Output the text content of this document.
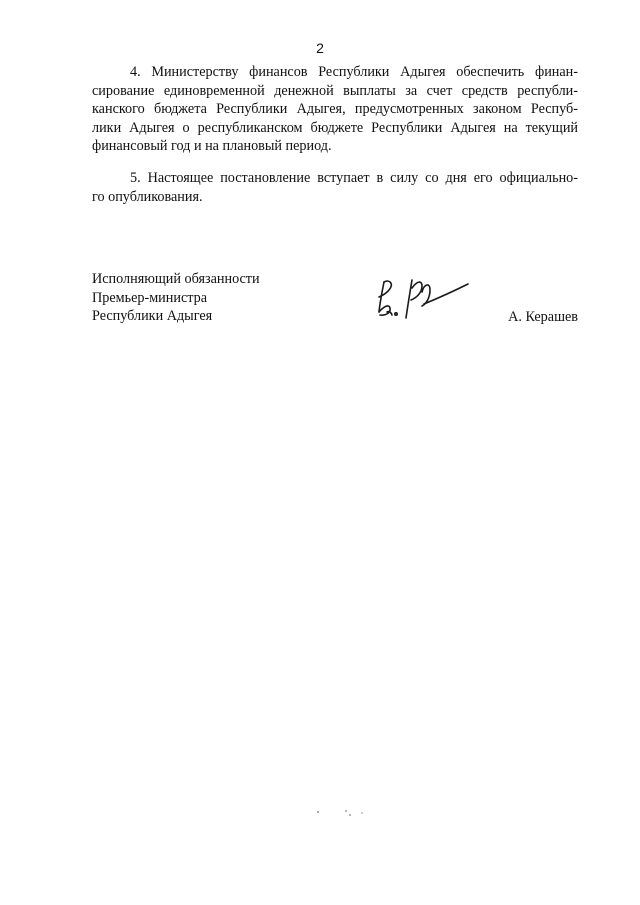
2
4. Министерству финансов Республики Адыгея обеспечить финан-
сирование единовременной денежной выплаты за счет средств республи-
канского бюджета Республики Адыгея, предусмотренных законом Респуб-
лики Адыгея о республиканском бюджете Республики Адыгея на текущий
финансовый год и на плановый период.
5. Настоящее постановление вступает в силу со дня его официально-
го опубликования.
Исполняющий обязанности
Премьер-министра
Республики Адыгея	А. Керашев
